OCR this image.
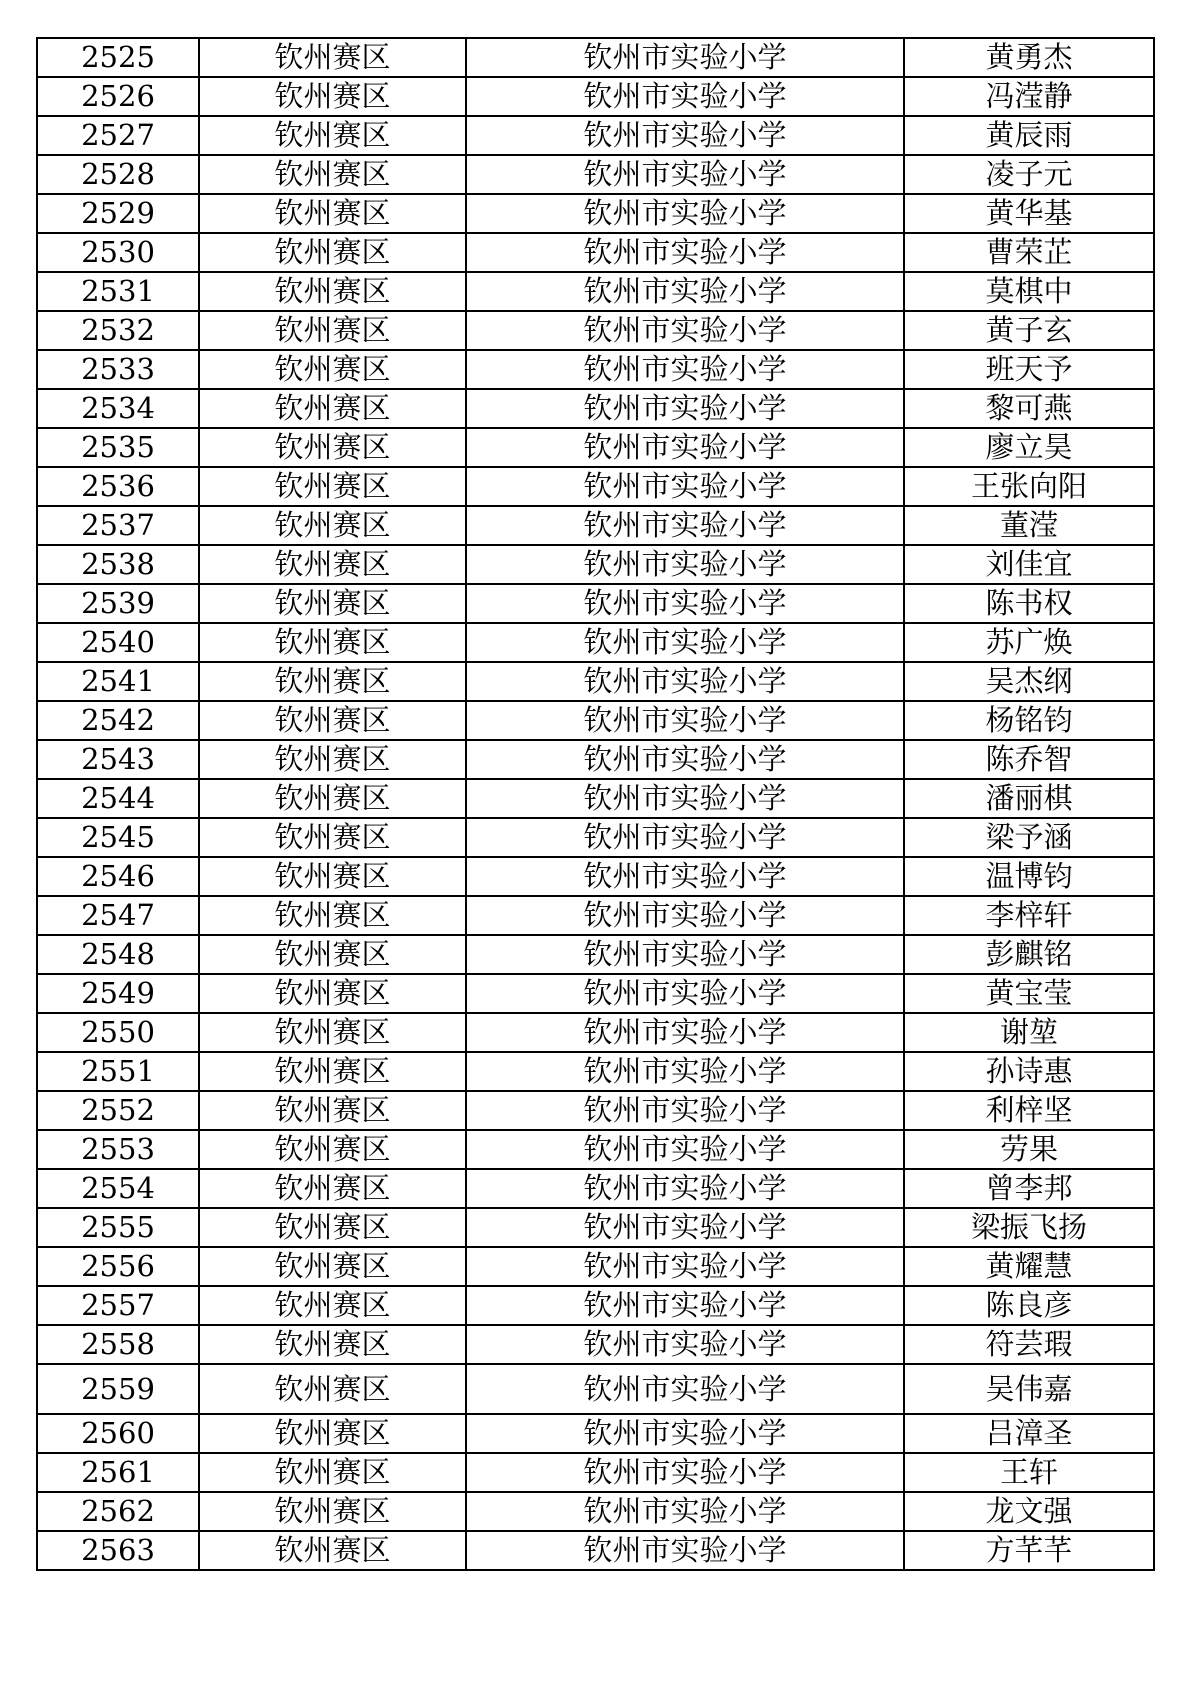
2525	钦州赛区	钦州市实验小学	黄勇杰
2526	钦州赛区	钦州市实验小学	冯滢静
2527	钦州赛区	钦州市实验小学	黄辰雨
2528	钦州赛区	钦州市实验小学	凌子元
2529	钦州赛区	钦州市实验小学	黄华基
2530	钦州赛区	钦州市实验小学	曹荣芷
2531	钦州赛区	钦州市实验小学	莫棋中
2532	钦州赛区	钦州市实验小学	黄子玄
2533	钦州赛区	钦州市实验小学	班天予
2534	钦州赛区	钦州市实验小学	黎可燕
2535	钦州赛区	钦州市实验小学	廖立昊
2536	钦州赛区	钦州市实验小学	王张向阳
2537	钦州赛区	钦州市实验小学	董滢
2538	钦州赛区	钦州市实验小学	刘佳宜
2539	钦州赛区	钦州市实验小学	陈书权
2540	钦州赛区	钦州市实验小学	苏广焕
2541	钦州赛区	钦州市实验小学	吴杰纲
2542	钦州赛区	钦州市实验小学	杨铭钧
2543	钦州赛区	钦州市实验小学	陈乔智
2544	钦州赛区	钦州市实验小学	潘丽棋
2545	钦州赛区	钦州市实验小学	梁予涵
2546	钦州赛区	钦州市实验小学	温博钧
2547	钦州赛区	钦州市实验小学	李梓轩
2548	钦州赛区	钦州市实验小学	彭麒铭
2549	钦州赛区	钦州市实验小学	黄宝莹
2550	钦州赛区	钦州市实验小学	谢堃
2551	钦州赛区	钦州市实验小学	孙诗惠
2552	钦州赛区	钦州市实验小学	利梓坚
2553	钦州赛区	钦州市实验小学	劳果
2554	钦州赛区	钦州市实验小学	曾李邦
2555	钦州赛区	钦州市实验小学	梁振飞扬
2556	钦州赛区	钦州市实验小学	黄耀慧
2557	钦州赛区	钦州市实验小学	陈良彦
2558	钦州赛区	钦州市实验小学	符芸瑕
2559	钦州赛区	钦州市实验小学	吴伟嘉
2560	钦州赛区	钦州市实验小学	吕漳圣
2561	钦州赛区	钦州市实验小学	王轩
2562	钦州赛区	钦州市实验小学	龙文强
2563	钦州赛区	钦州市实验小学	方芊芊
